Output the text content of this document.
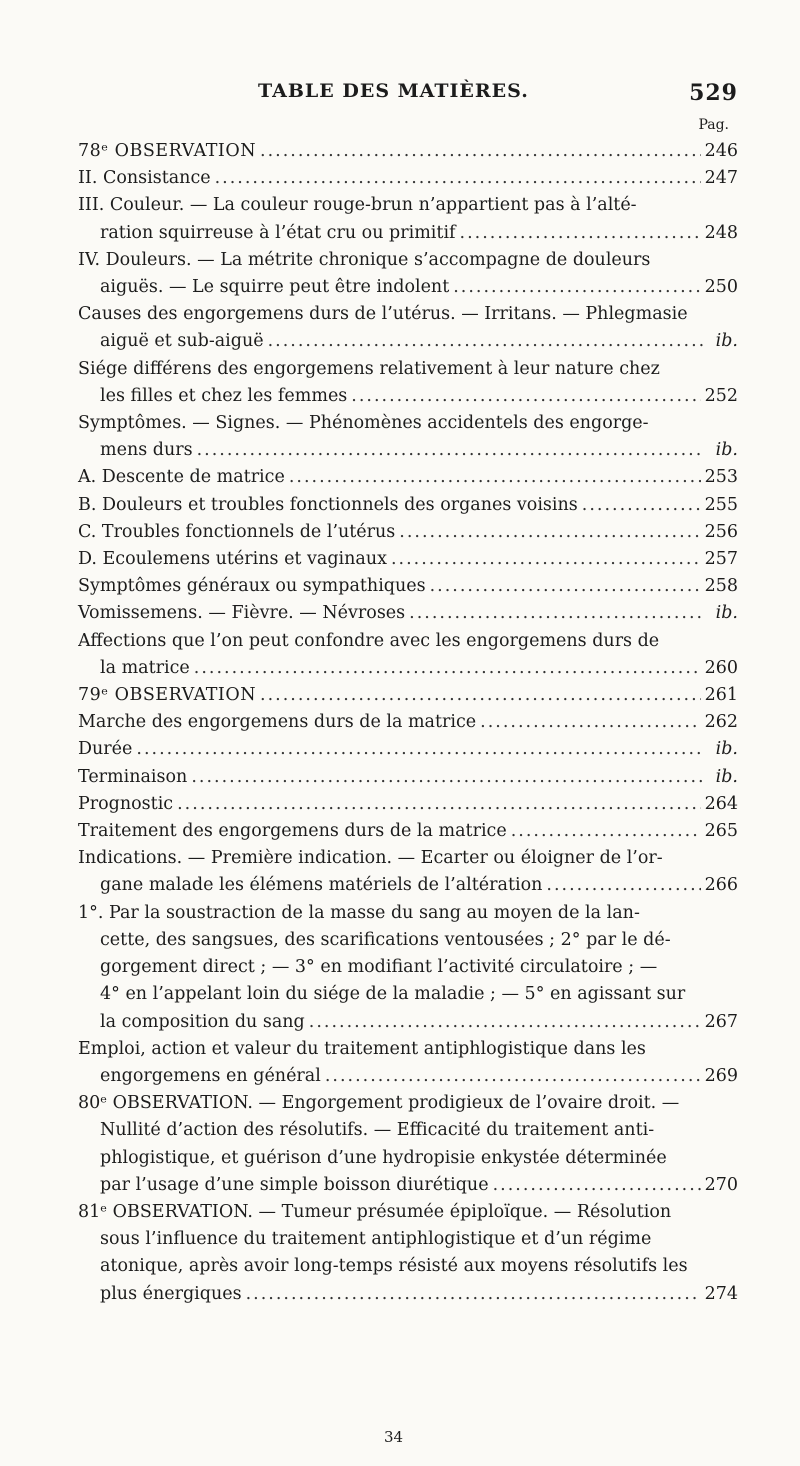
TABLE DES MATIÈRES.	529
Pag.
78ᵉ OBSERVATION .....	246
II. Consistance .....	247
III. Couleur. — La couleur rouge-brun n’appartient pas à l’alté-
ration squirreuse à l’état cru ou primitif .....	248
IV. Douleurs. — La métrite chronique s’accompagne de douleurs
aiguës. — Le squirre peut être indolent .....	250
Causes des engorgemens durs de l’utérus. — Irritans. — Phlegmasie
aiguë et sub-aiguë .....	ib.
Siége différens des engorgemens relativement à leur nature chez
les filles et chez les femmes .....	252
Symptômes. — Signes. — Phénomènes accidentels des engorge-
mens durs .....	ib.
A. Descente de matrice .....	253
B. Douleurs et troubles fonctionnels des organes voisins .....	255
C. Troubles fonctionnels de l’utérus .....	256
D. Ecoulemens utérins et vaginaux .....	257
Symptômes généraux ou sympathiques .....	258
Vomissemens. — Fièvre. — Névroses .....	ib.
Affections que l’on peut confondre avec les engorgemens durs de
la matrice .....	260
79ᵉ OBSERVATION .....	261
Marche des engorgemens durs de la matrice .....	262
Durée .....	ib.
Terminaison .....	ib.
Prognostic .....	264
Traitement des engorgemens durs de la matrice .....	265
Indications. — Première indication. — Ecarter ou éloigner de l’or-
gane malade les élémens matériels de l’altération .....	266
1°. Par la soustraction de la masse du sang au moyen de la lan-
cette, des sangsues, des scarifications ventousées ; 2° par le dé-
gorgement direct ; — 3° en modifiant l’activité circulatoire ; —
4° en l’appelant loin du siége de la maladie ; — 5° en agissant sur
la composition du sang .....	267
Emploi, action et valeur du traitement antiphlogistique dans les
engorgemens en général .....	269
80ᵉ OBSERVATION. — Engorgement prodigieux de l’ovaire droit. —
Nullité d’action des résolutifs. — Efficacité du traitement anti-
phlogistique, et guérison d’une hydropisie enkystée déterminée
par l’usage d’une simple boisson diurétique .....	270
81ᵉ OBSERVATION. — Tumeur présumée épiploïque. — Résolution
sous l’influence du traitement antiphlogistique et d’un régime
atonique, après avoir long-temps résisté aux moyens résolutifs les
plus énergiques .....	274
34
